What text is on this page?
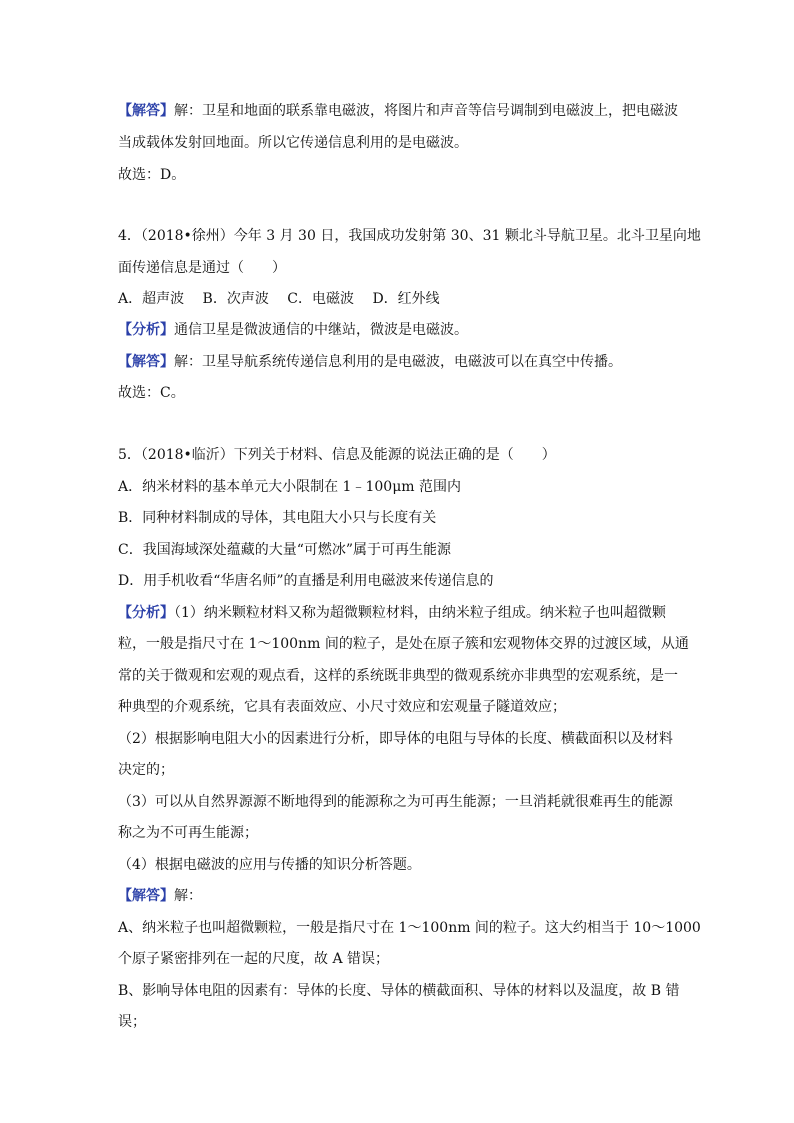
【解答】解：卫星和地面的联系靠电磁波，将图片和声音等信号调制到电磁波上，把电磁波
当成载体发射回地面。所以它传递信息利用的是电磁波。
故选：D。
4．（2018•徐州）今年 3 月 30 日，我国成功发射第 30、31 颗北斗导航卫星。北斗卫星向地
面传递信息是通过（　　）
A．超声波　 B．次声波　 C．电磁波　 D．红外线
【分析】通信卫星是微波通信的中继站，微波是电磁波。
【解答】解：卫星导航系统传递信息利用的是电磁波，电磁波可以在真空中传播。
故选：C。
5．（2018•临沂）下列关于材料、信息及能源的说法正确的是（　　）
A．纳米材料的基本单元大小限制在 1﹣100μm 范围内
B．同种材料制成的导体，其电阻大小只与长度有关
C．我国海域深处蕴藏的大量“可燃冰”属于可再生能源
D．用手机收看“华唐名师”的直播是利用电磁波来传递信息的
【分析】（1）纳米颗粒材料又称为超微颗粒材料，由纳米粒子组成。纳米粒子也叫超微颗
粒，一般是指尺寸在 1～100nm 间的粒子，是处在原子簇和宏观物体交界的过渡区域，从通
常的关于微观和宏观的观点看，这样的系统既非典型的微观系统亦非典型的宏观系统，是一
种典型的介观系统，它具有表面效应、小尺寸效应和宏观量子隧道效应；
（2）根据影响电阻大小的因素进行分析，即导体的电阻与导体的长度、横截面积以及材料
决定的；
（3）可以从自然界源源不断地得到的能源称之为可再生能源；一旦消耗就很难再生的能源
称之为不可再生能源；
（4）根据电磁波的应用与传播的知识分析答题。
【解答】解：
A、纳米粒子也叫超微颗粒，一般是指尺寸在 1～100nm 间的粒子。这大约相当于 10～1000
个原子紧密排列在一起的尺度，故 A 错误；
B、影响导体电阻的因素有：导体的长度、导体的横截面积、导体的材料以及温度，故 B 错
误；
